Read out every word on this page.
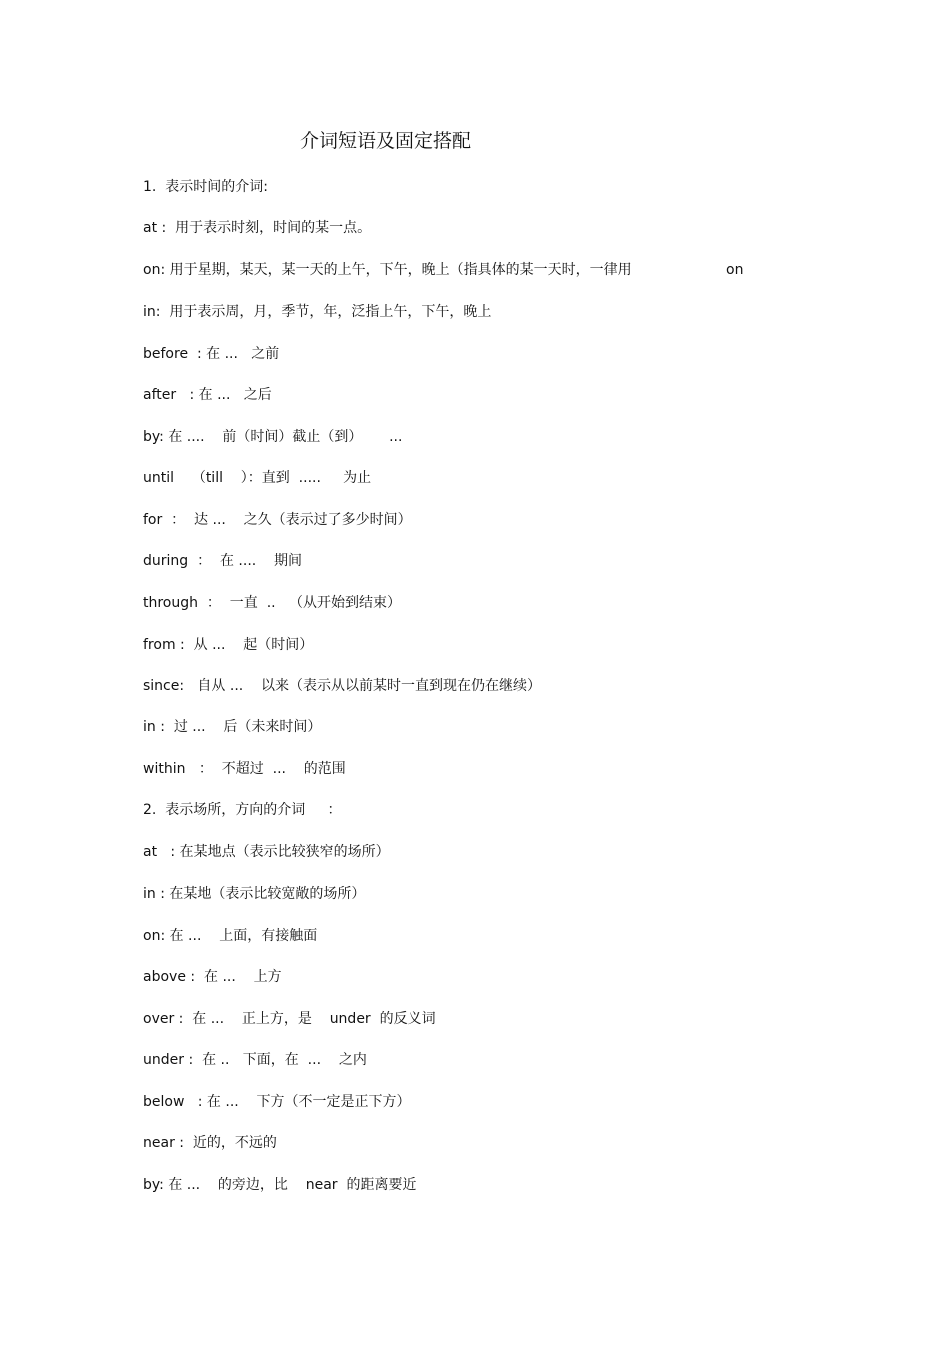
介词短语及固定搭配
1.  表示时间的介词:
at :  用于表示时刻，时间的某一点。
on: 用于星期，某天，某一天的上午，下午，晚上（指具体的某一天时，一律用	on
in:  用于表示周，月，季节，年，泛指上午，下午，晚上
before  : 在 ...   之前
after   : 在 ...   之后
by: 在 ....    前（时间）截止（到）      ...
until    （till    ）：直到  .....     为止
for  ：  达 ...    之久（表示过了多少时间）
during  ：  在 ....    期间
through  ：  一直  ..   （从开始到结束）
from :  从 ...    起（时间）
since:   自从 ...    以来（表示从以前某时一直到现在仍在继续）
in :  过 ...    后（未来时间）
within   ：  不超过  ...    的范围
2.  表示场所，方向的介词     ：
at   : 在某地点（表示比较狭窄的场所）
in : 在某地（表示比较宽敞的场所）
on: 在 ...    上面，有接触面
above :  在 ...    上方
over :  在 ...    正上方，是    under  的反义词
under :  在 ..   下面，在  ...    之内
below   : 在 ...    下方（不一定是正下方）
near :  近的，不远的
by: 在 ...    的旁边，比    near  的距离要近
